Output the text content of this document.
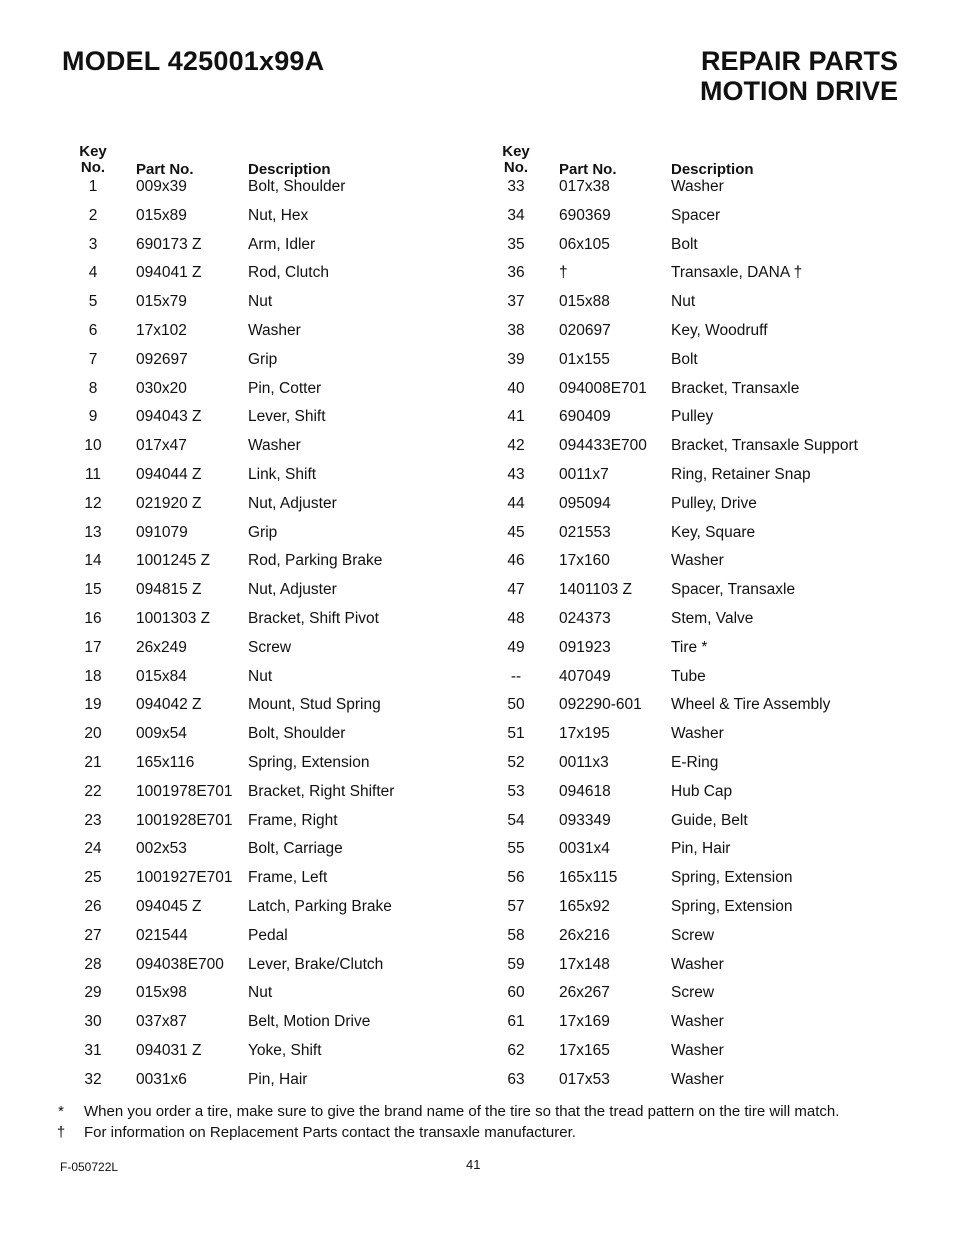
MODEL 425001x99A	REPAIR PARTS
MOTION DRIVE
Key
No.	Part No.	Description
1	009x39	Bolt, Shoulder
2	015x89	Nut, Hex
3	690173 Z	Arm, Idler
4	094041 Z	Rod, Clutch
5	015x79	Nut
6	17x102	Washer
7	092697	Grip
8	030x20	Pin, Cotter
9	094043 Z	Lever, Shift
10	017x47	Washer
11	094044 Z	Link, Shift
12	021920 Z	Nut, Adjuster
13	091079	Grip
14	1001245 Z Rod, Parking Brake
15	094815 Z	Nut, Adjuster
16	1001303 Z Bracket, Shift Pivot
17	26x249	Screw
18	015x84	Nut
19	094042 Z	Mount, Stud Spring
20	009x54	Bolt, Shoulder
21	165x116	Spring, Extension
22	1001978E701 Bracket, Right Shifter
23	1001928E701 Frame, Right
24	002x53	Bolt, Carriage
25	1001927E701 Frame, Left
26	094045 Z	Latch, Parking Brake
27	021544	Pedal
28	094038E700 Lever, Brake/Clutch
29	015x98	Nut
30	037x87	Belt, Motion Drive
31	094031 Z	Yoke, Shift
32	0031x6	Pin, Hair
Key
No.	Part No.	Description
33	017x38	Washer
34	690369	Spacer
35	06x105	Bolt
36	†	Transaxle, DANA †
37	015x88	Nut
38	020697	Key, Woodruff
39	01x155	Bolt
40	094008E701 Bracket, Transaxle
41	690409	Pulley
42	094433E700 Bracket, Transaxle Support
43	0011x7	Ring, Retainer Snap
44	095094	Pulley, Drive
45	021553	Key, Square
46	17x160	Washer
47	1401103 Z	Spacer, Transaxle
48	024373	Stem, Valve
49	091923	Tire *
--	407049	Tube
50	092290-601 Wheel & Tire Assembly
51	17x195	Washer
52	0011x3	E-Ring
53	094618	Hub Cap
54	093349	Guide, Belt
55	0031x4	Pin, Hair
56	165x115	Spring, Extension
57	165x92	Spring, Extension
58	26x216	Screw
59	17x148	Washer
60	26x267	Screw
61	17x169	Washer
62	17x165	Washer
63	017x53	Washer
* When you order a tire, make sure to give the brand name of the tire so that the tread pattern on the tire will match.
† For information on Replacement Parts contact the transaxle manufacturer.
F-050722L	41
